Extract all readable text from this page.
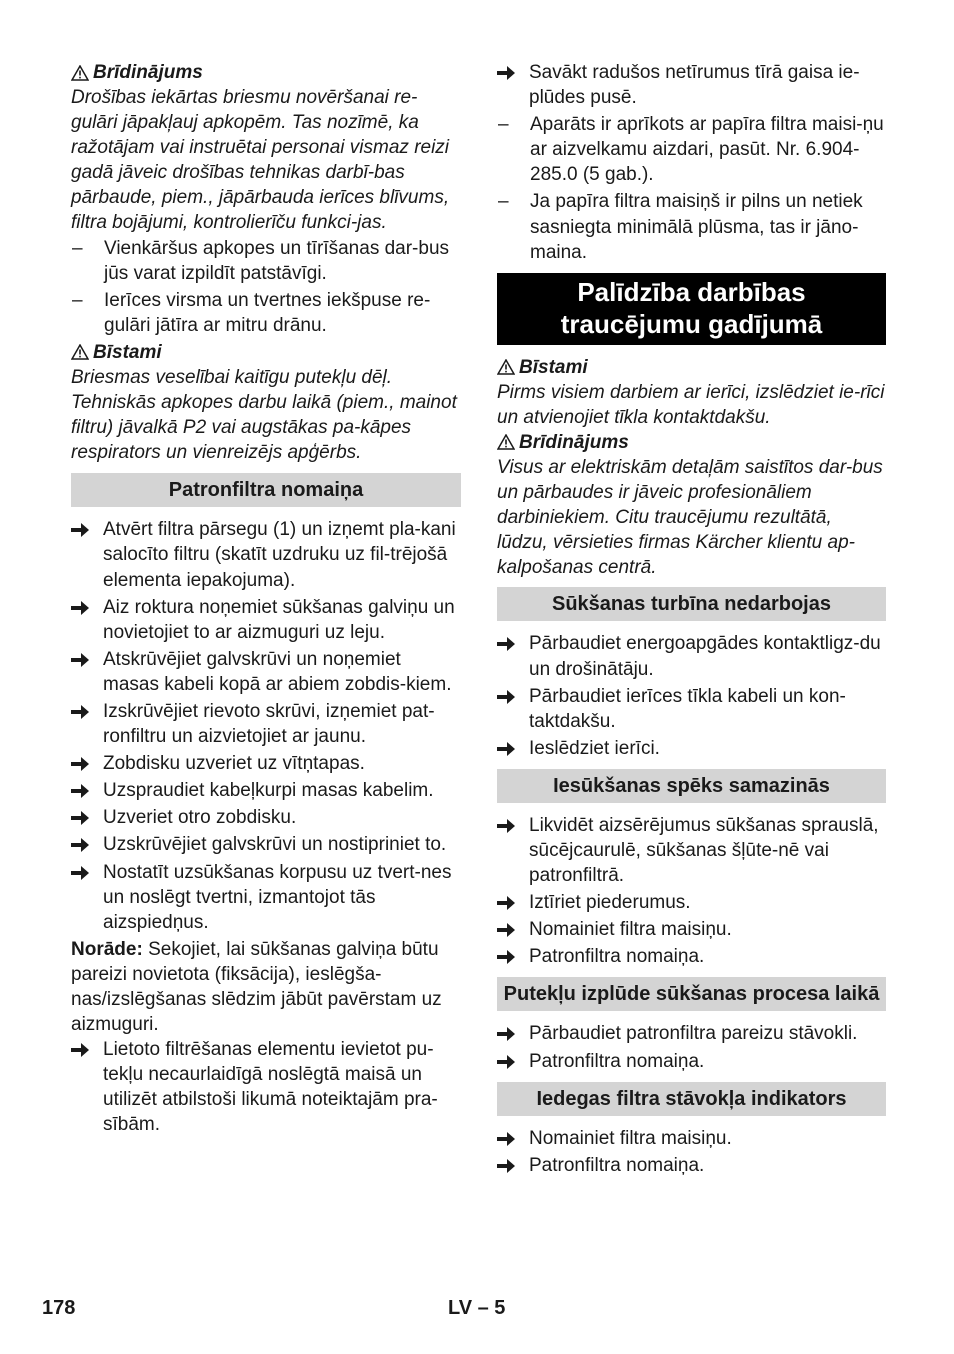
Brīdinājums

Drošības iekārtas briesmu novēršanai re-gulāri jāpakļauj apkopēm. Tas nozīmē, ka ražotājam vai instruētai personai vismaz reizi gadā jāveic drošības tehnikas darbī-bas pārbaude, piem., jāpārbauda ierīces blīvums, filtra bojājumi, kontrolierīču funkci-jas.

–	Vienkāršus apkopes un tīrīšanas dar-bus jūs varat izpildīt patstāvīgi.
–	Ierīces virsma un tvertnes iekšpuse re-gulāri jātīra ar mitru drānu.

Bīstami

Briesmas veselībai kaitīgu putekļu dēļ. Tehniskās apkopes darbu laikā (piem., mainot filtru) jāvalkā P2 vai augstākas pa-kāpes respirators un vienreizējs apģērbs.

Patronfiltra nomaiņa
Atvērt filtra pārsegu (1) un izņemt pla-kani salocīto filtru (skatīt uzdruku uz fil-trējošā elementa iepakojuma).
Aiz roktura noņemiet sūkšanas galviņu un novietojiet to ar aizmuguri uz leju.
Atskrūvējiet galvskrūvi un noņemiet masas kabeli kopā ar abiem zobdis-kiem.
Izskrūvējiet rievoto skrūvi, izņemiet pat-ronfiltru un aizvietojiet ar jaunu.
Zobdisku uzveriet uz vītņtapas.
Uzspraudiet kabeļkurpi masas kabelim.
Uzveriet otro zobdisku.
Uzskrūvējiet galvskrūvi un nostipriniet to.
Nostatīt uzsūkšanas korpusu uz tvert-nes un noslēgt tvertni, izmantojot tās aizspiedņus.

Norāde: Sekojiet, lai sūkšanas galviņa būtu pareizi novietota (fiksācija), ieslēgša-nas/izslēgšanas slēdzim jābūt pavērstam uz aizmuguri.

Lietoto filtrēšanas elementu ievietot pu-tekļu necaurlaidīgā noslēgtā maisā un utilizēt atbilstoši likumā noteiktajām pra-sībām.
Savākt radušos netīrumus tīrā gaisa ie-plūdes pusē.
–	Aparāts ir aprīkots ar papīra filtra maisi-ņu ar aizvelkamu aizdari, pasūt. Nr. 6.904-285.0 (5 gab.).
–	Ja papīra filtra maisiņš ir pilns un netiek sasniegta minimālā plūsma, tas ir jāno-maina.
Palīdzība darbības traucējumu gadījumā

Bīstami

Pirms visiem darbiem ar ierīci, izslēdziet ie-rīci un atvienojiet tīkla kontaktdakšu.

Brīdinājums

Visus ar elektriskām detaļām saistītos dar-bus un pārbaudes ir jāveic profesionāliem darbiniekiem. Citu traucējumu rezultātā, lūdzu, vērsieties firmas Kärcher klientu ap-kalpošanas centrā.

Sūkšanas turbīna nedarbojas
Pārbaudiet energoapgādes kontaktligz-du un drošinātāju.
Pārbaudiet ierīces tīkla kabeli un kon-taktdakšu.
Ieslēdziet ierīci.
Iesūkšanas spēks samazinās
Likvidēt aizsērējumus sūkšanas sprauslā, sūcējcaurulē, sūkšanas šļūte-nē vai patronfiltrā.
Iztīriet piederumus.
Nomainiet filtra maisiņu.
Patronfiltra nomaiņa.
Putekļu izplūde sūkšanas procesa laikā
Pārbaudiet patronfiltra pareizu stāvokli.
Patronfiltra nomaiņa.
Iedegas filtra stāvokļa indikators
Nomainiet filtra maisiņu.
Patronfiltra nomaiņa.
178	LV – 5
